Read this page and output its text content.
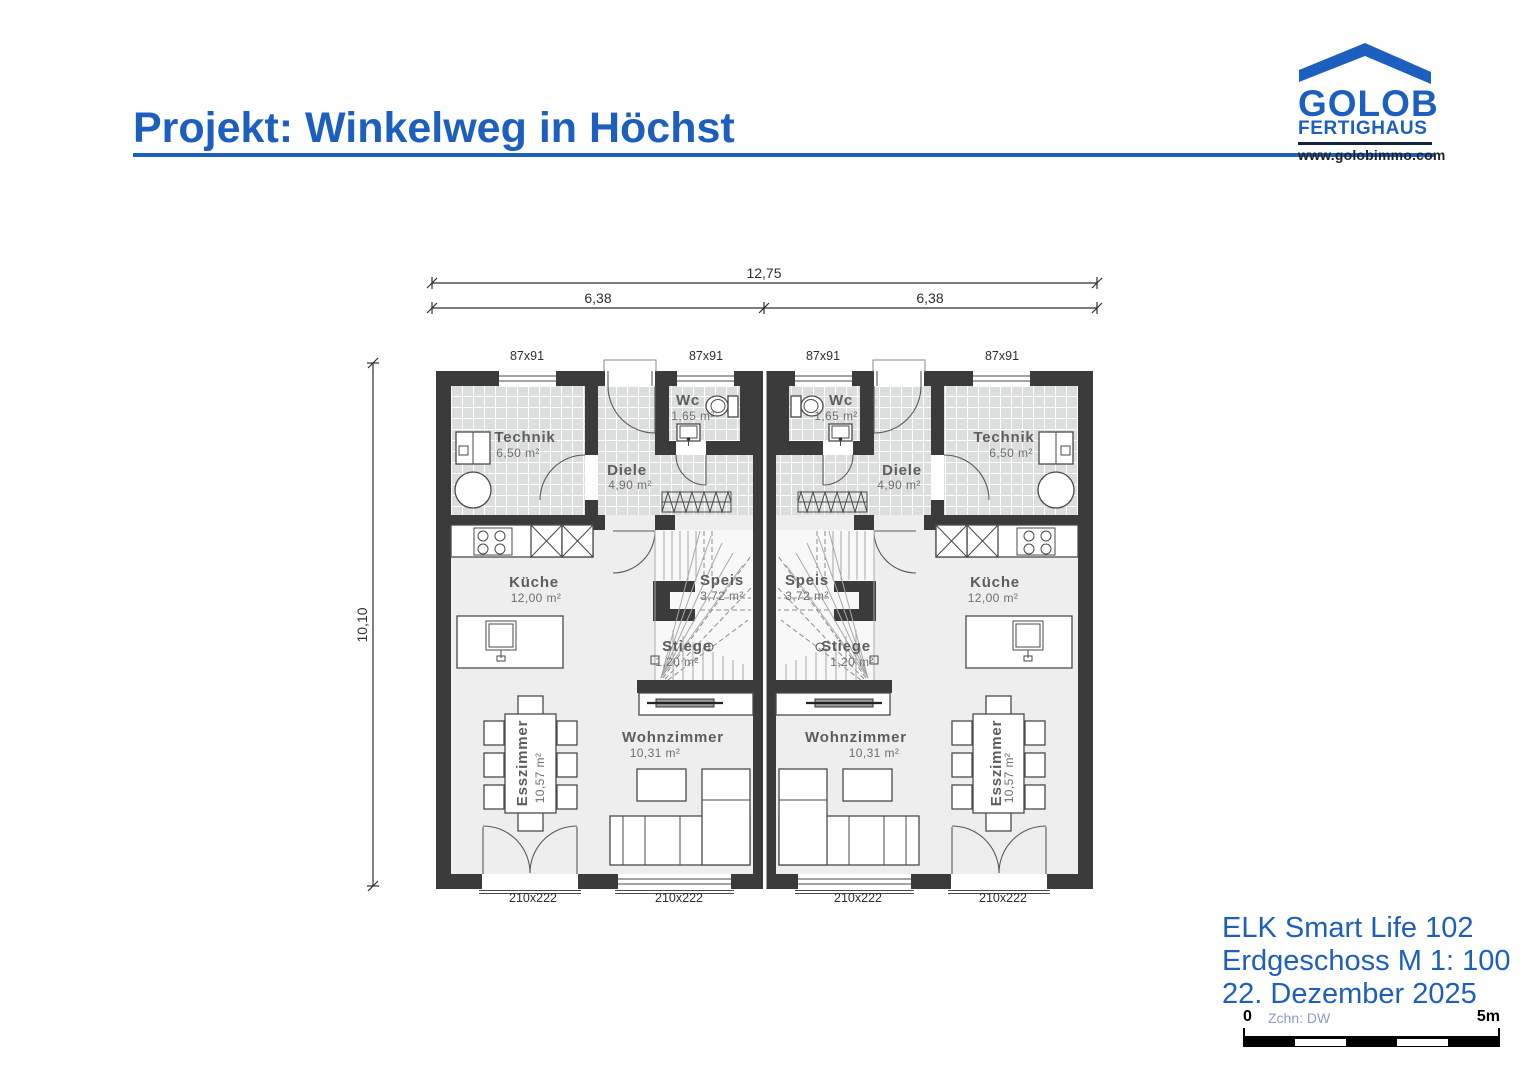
Projekt: Winkelweg in Höchst
GOLOB
FERTIGHAUS
www.golobimmo.com
12,75
6,38	6,38
10,10
87x91	87x91	87x91	87x91
210x222	210x222	210x222	210x222
Technik
6,50 m²
Wc
1,65 m²
Diele
4,90 m²
Küche
12,00 m²
Speis
3,72 m²
Stiege
1,20 m²
Wohnzimmer
10,31 m²
Esszimmer 10,57 m²
Technik
6,50 m²
Wc
1,65 m²
Diele
4,90 m²
Küche
12,00 m²
Speis
3,72 m²
Stiege
1,20 m²
Wohnzimmer
10,31 m²	Esszimmer
10,57 m²
ELK Smart Life 102
Erdgeschoss M 1: 100
22. Dezember 2025
0 Zchn: DW	5m
